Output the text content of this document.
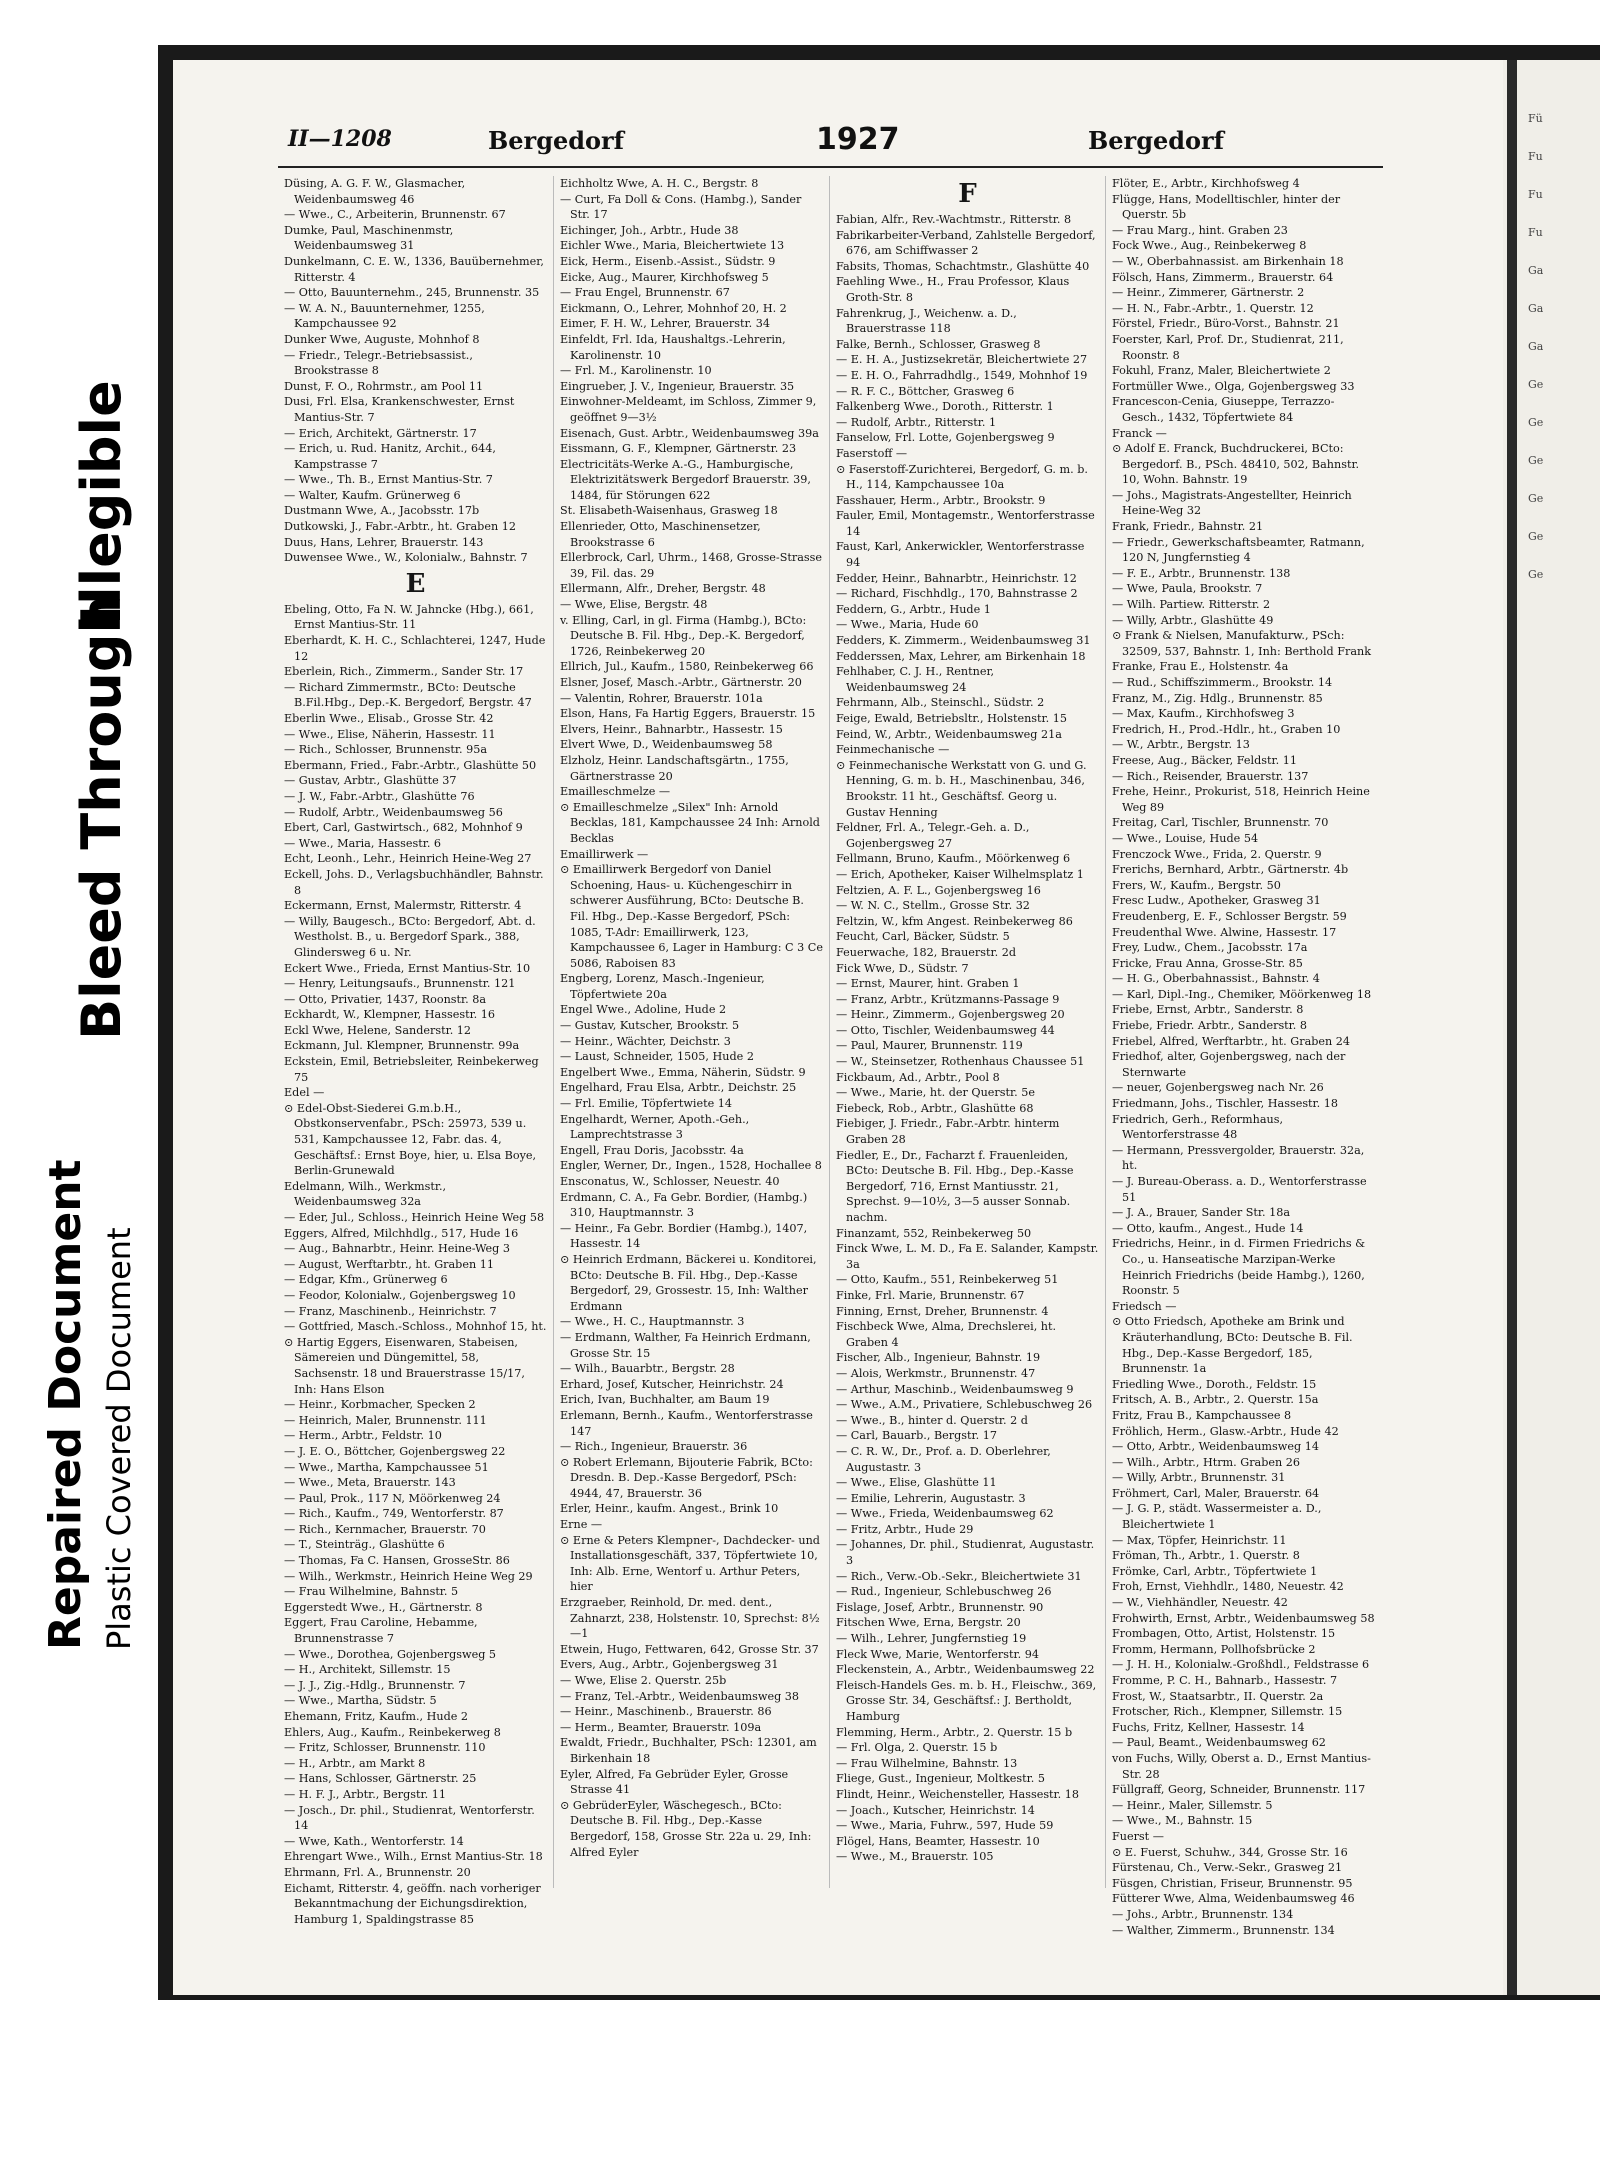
Repaired Document Plastic Covered Document
Bleed Through
Illegible
II—1208	Bergedorf	1927	Bergedorf
Düsing, A. G. F. W., Glasmacher, Weidenbaumsweg 46
— Wwe., C., Arbeiterin, Brunnenstr. 67
Dumke, Paul, Maschinenmstr, Weidenbaumsweg 31
Dunkelmann, C. E. W., 1336, Bauübernehmer, Ritterstr. 4
— Otto, Bauunternehm., 245, Brunnenstr. 35
— W. A. N., Bauunternehmer, 1255, Kampchaussee 92
Dunker Wwe, Auguste, Mohnhof 8
— Friedr., Telegr.-Betriebsassist., Brookstrasse 8
Dunst, F. O., Rohrmstr., am Pool 11
Dusi, Frl. Elsa, Krankenschwester, Ernst Mantius-Str. 7
— Erich, Architekt, Gärtnerstr. 17
— Erich, u. Rud. Hanitz, Archit., 644, Kampstrasse 7
— Wwe., Th. B., Ernst Mantius-Str. 7
— Walter, Kaufm. Grünerweg 6
Dustmann Wwe, A., Jacobsstr. 17b
Dutkowski, J., Fabr.-Arbtr., ht. Graben 12
Duus, Hans, Lehrer, Brauerstr. 143
Duwensee Wwe., W., Kolonialw., Bahnstr. 7
E
Ebeling, Otto, Fa N. W. Jahncke (Hbg.), 661, Ernst Mantius-Str. 11
Eberhardt, K. H. C., Schlachterei, 1247, Hude 12
Eberlein, Rich., Zimmerm., Sander Str. 17
— Richard Zimmermstr., BCto: Deutsche B.Fil.Hbg., Dep.-K. Bergedorf, Bergstr. 47
Eberlin Wwe., Elisab., Grosse Str. 42
— Wwe., Elise, Näherin, Hassestr. 11
— Rich., Schlosser, Brunnenstr. 95a
Ebermann, Fried., Fabr.-Arbtr., Glashütte 50
— Gustav, Arbtr., Glashütte 37
— J. W., Fabr.-Arbtr., Glashütte 76
— Rudolf, Arbtr., Weidenbaumsweg 56
Ebert, Carl, Gastwirtsch., 682, Mohnhof 9
— Wwe., Maria, Hassestr. 6
Echt, Leonh., Lehr., Heinrich Heine-Weg 27
Eckell, Johs. D., Verlagsbuchhändler, Bahnstr. 8
Eckermann, Ernst, Malermstr, Ritterstr. 4
— Willy, Baugesch., BCto: Bergedorf, Abt. d. Westholst. B., u. Bergedorf Spark., 388, Glindersweg 6 u. Nr.
Eckert Wwe., Frieda, Ernst Mantius-Str. 10
— Henry, Leitungsaufs., Brunnenstr. 121
— Otto, Privatier, 1437, Roonstr. 8a
Eckhardt, W., Klempner, Hassestr. 16
Eckl Wwe, Helene, Sanderstr. 12
Eckmann, Jul. Klempner, Brunnenstr. 99a
Eckstein, Emil, Betriebsleiter, Reinbekerweg 75
Edel —
⊙ Edel-Obst-Siederei G.m.b.H., Obstkonservenfabr., PSch: 25973, 539 u. 531, Kampchaussee 12, Fabr. das. 4, Geschäftsf.: Ernst Boye, hier, u. Elsa Boye, Berlin-Grunewald
Edelmann, Wilh., Werkmstr., Weidenbaumsweg 32a
— Eder, Jul., Schloss., Heinrich Heine Weg 58
Eggers, Alfred, Milchhdlg., 517, Hude 16
— Aug., Bahnarbtr., Heinr. Heine-Weg 3
— August, Werftarbtr., ht. Graben 11
— Edgar, Kfm., Grünerweg 6
— Feodor, Kolonialw., Gojenbergsweg 10
— Franz, Maschinenb., Heinrichstr. 7
— Gottfried, Masch.-Schloss., Mohnhof 15, ht.
⊙ Hartig Eggers, Eisenwaren, Stabeisen, Sämereien und Düngemittel, 58, Sachsenstr. 18 und Brauerstrasse 15/17, Inh: Hans Elson
— Heinr., Korbmacher, Specken 2
— Heinrich, Maler, Brunnenstr. 111
— Herm., Arbtr., Feldstr. 10
— J. E. O., Böttcher, Gojenbergsweg 22
— Wwe., Martha, Kampchaussee 51
— Wwe., Meta, Brauerstr. 143
— Paul, Prok., 117 N, Möörkenweg 24
— Rich., Kaufm., 749, Wentorferstr. 87
— Rich., Kernmacher, Brauerstr. 70
— T., Steinträg., Glashütte 6
— Thomas, Fa C. Hansen, GrosseStr. 86
— Wilh., Werkmstr., Heinrich Heine Weg 29
— Frau Wilhelmine, Bahnstr. 5
Eggerstedt Wwe., H., Gärtnerstr. 8
Eggert, Frau Caroline, Hebamme, Brunnenstrasse 7
— Wwe., Dorothea, Gojenbergsweg 5
— H., Architekt, Sillemstr. 15
— J. J., Zig.-Hdlg., Brunnenstr. 7
— Wwe., Martha, Südstr. 5
Ehemann, Fritz, Kaufm., Hude 2
Ehlers, Aug., Kaufm., Reinbekerweg 8
— Fritz, Schlosser, Brunnenstr. 110
— H., Arbtr., am Markt 8
— Hans, Schlosser, Gärtnerstr. 25
— H. F. J., Arbtr., Bergstr. 11
— Josch., Dr. phil., Studienrat, Wentorferstr. 14
— Wwe, Kath., Wentorferstr. 14
Ehrengart Wwe., Wilh., Ernst Mantius-Str. 18
Ehrmann, Frl. A., Brunnenstr. 20
Eichamt, Ritterstr. 4, geöffn. nach vorheriger Bekanntmachung der Eichungsdirektion, Hamburg 1, Spaldingstrasse 85
Eichholtz Wwe, A. H. C., Bergstr. 8
— Curt, Fa Doll & Cons. (Hambg.), Sander Str. 17
Eichinger, Joh., Arbtr., Hude 38
Eichler Wwe., Maria, Bleichertwiete 13
Eick, Herm., Eisenb.-Assist., Südstr. 9
Eicke, Aug., Maurer, Kirchhofsweg 5
— Frau Engel, Brunnenstr. 67
Eickmann, O., Lehrer, Mohnhof 20, H. 2
Eimer, F. H. W., Lehrer, Brauerstr. 34
Einfeldt, Frl. Ida, Haushaltgs.-Lehrerin, Karolinenstr. 10
— Frl. M., Karolinenstr. 10
Eingrueber, J. V., Ingenieur, Brauerstr. 35
Einwohner-Meldeamt, im Schloss, Zimmer 9, geöffnet 9—3½
Eisenach, Gust. Arbtr., Weidenbaumsweg 39a
Eissmann, G. F., Klempner, Gärtnerstr. 23
Electricitäts-Werke A.-G., Hamburgische, Elektrizitätswerk Bergedorf Brauerstr. 39, 1484, für Störungen 622
St. Elisabeth-Waisenhaus, Grasweg 18
Ellenrieder, Otto, Maschinensetzer, Brookstrasse 6
Ellerbrock, Carl, Uhrm., 1468, Grosse-Strasse 39, Fil. das. 29
Ellermann, Alfr., Dreher, Bergstr. 48
— Wwe, Elise, Bergstr. 48
v. Elling, Carl, in gl. Firma (Hambg.), BCto: Deutsche B. Fil. Hbg., Dep.-K. Bergedorf, 1726, Reinbekerweg 20
Ellrich, Jul., Kaufm., 1580, Reinbekerweg 66
Elsner, Josef, Masch.-Arbtr., Gärtnerstr. 20
— Valentin, Rohrer, Brauerstr. 101a
Elson, Hans, Fa Hartig Eggers, Brauerstr. 15
Elvers, Heinr., Bahnarbtr., Hassestr. 15
Elvert Wwe, D., Weidenbaumsweg 58
Elzholz, Heinr. Landschaftsgärtn., 1755, Gärtnerstrasse 20
Emailleschmelze —
⊙ Emailleschmelze „Silex" Inh: Arnold Becklas, 181, Kampchaussee 24 Inh: Arnold Becklas
Emaillirwerk —
⊙ Emaillirwerk Bergedorf von Daniel Schoening, Haus- u. Küchengeschirr in schwerer Ausführung, BCto: Deutsche B. Fil. Hbg., Dep.-Kasse Bergedorf, PSch: 1085, T-Adr: Emaillirwerk, 123, Kampchaussee 6, Lager in Hamburg: C 3 Ce 5086, Raboisen 83
Engberg, Lorenz, Masch.-Ingenieur, Töpfertwiete 20a
Engel Wwe., Adoline, Hude 2
— Gustav, Kutscher, Brookstr. 5
— Heinr., Wächter, Deichstr. 3
— Laust, Schneider, 1505, Hude 2
Engelbert Wwe., Emma, Näherin, Südstr. 9
Engelhard, Frau Elsa, Arbtr., Deichstr. 25
— Frl. Emilie, Töpfertwiete 14
Engelhardt, Werner, Apoth.-Geh., Lamprechtstrasse 3
Engell, Frau Doris, Jacobsstr. 4a
Engler, Werner, Dr., Ingen., 1528, Hochallee 8
Ensconatus, W., Schlosser, Neuestr. 40
Erdmann, C. A., Fa Gebr. Bordier, (Hambg.) 310, Hauptmannstr. 3
— Heinr., Fa Gebr. Bordier (Hambg.), 1407, Hassestr. 14
⊙ Heinrich Erdmann, Bäckerei u. Konditorei, BCto: Deutsche B. Fil. Hbg., Dep.-Kasse Bergedorf, 29, Grossestr. 15, Inh: Walther Erdmann
— Wwe., H. C., Hauptmannstr. 3
— Erdmann, Walther, Fa Heinrich Erdmann, Grosse Str. 15
— Wilh., Bauarbtr., Bergstr. 28
Erhard, Josef, Kutscher, Heinrichstr. 24
Erich, Ivan, Buchhalter, am Baum 19
Erlemann, Bernh., Kaufm., Wentorferstrasse 147
— Rich., Ingenieur, Brauerstr. 36
⊙ Robert Erlemann, Bijouterie Fabrik, BCto: Dresdn. B. Dep.-Kasse Bergedorf, PSch: 4944, 47, Brauerstr. 36
Erler, Heinr., kaufm. Angest., Brink 10
Erne —
⊙ Erne & Peters Klempner-, Dachdecker- und Installationsgeschäft, 337, Töpfertwiete 10, Inh: Alb. Erne, Wentorf u. Arthur Peters, hier
Erzgraeber, Reinhold, Dr. med. dent., Zahnarzt, 238, Holstenstr. 10, Sprechst: 8½—1
Etwein, Hugo, Fettwaren, 642, Grosse Str. 37
Evers, Aug., Arbtr., Gojenbergsweg 31
— Wwe, Elise 2. Querstr. 25b
— Franz, Tel.-Arbtr., Weidenbaumsweg 38
— Heinr., Maschinenb., Brauerstr. 86
— Herm., Beamter, Brauerstr. 109a
Ewaldt, Friedr., Buchhalter, PSch: 12301, am Birkenhain 18
Eyler, Alfred, Fa Gebrüder Eyler, Grosse Strasse 41
⊙ GebrüderEyler, Wäschegesch., BCto: Deutsche B. Fil. Hbg., Dep.-Kasse Bergedorf, 158, Grosse Str. 22a u. 29, Inh: Alfred Eyler
F
Fabian, Alfr., Rev.-Wachtmstr., Ritterstr. 8
Fabrikarbeiter-Verband, Zahlstelle Bergedorf, 676, am Schiffwasser 2
Fabsits, Thomas, Schachtmstr., Glashütte 40
Faehling Wwe., H., Frau Professor, Klaus Groth-Str. 8
Fahrenkrug, J., Weichenw. a. D., Brauerstrasse 118
Falke, Bernh., Schlosser, Grasweg 8
— E. H. A., Justizsekretär, Bleichertwiete 27
— E. H. O., Fahrradhdlg., 1549, Mohnhof 19
— R. F. C., Böttcher, Grasweg 6
Falkenberg Wwe., Doroth., Ritterstr. 1
— Rudolf, Arbtr., Ritterstr. 1
Fanselow, Frl. Lotte, Gojenbergsweg 9
Faserstoff —
⊙ Faserstoff-Zurichterei, Bergedorf, G. m. b. H., 114, Kampchaussee 10a
Fasshauer, Herm., Arbtr., Brookstr. 9
Fauler, Emil, Montagemstr., Wentorferstrasse 14
Faust, Karl, Ankerwickler, Wentorferstrasse 94
Fedder, Heinr., Bahnarbtr., Heinrichstr. 12
— Richard, Fischhdlg., 170, Bahnstrasse 2
Feddern, G., Arbtr., Hude 1
— Wwe., Maria, Hude 60
Fedders, K. Zimmerm., Weidenbaumsweg 31
Fedderssen, Max, Lehrer, am Birkenhain 18
Fehlhaber, C. J. H., Rentner, Weidenbaumsweg 24
Fehrmann, Alb., Steinschl., Südstr. 2
Feige, Ewald, Betriebsltr., Holstenstr. 15
Feind, W., Arbtr., Weidenbaumsweg 21a
Feinmechanische —
⊙ Feinmechanische Werkstatt von G. und G. Henning, G. m. b. H., Maschinenbau, 346, Brookstr. 11 ht., Geschäftsf. Georg u. Gustav Henning
Feldner, Frl. A., Telegr.-Geh. a. D., Gojenbergsweg 27
Fellmann, Bruno, Kaufm., Möörkenweg 6
— Erich, Apotheker, Kaiser Wilhelmsplatz 1
Feltzien, A. F. L., Gojenbergsweg 16
— W. N. C., Stellm., Grosse Str. 32
Feltzin, W., kfm Angest. Reinbekerweg 86
Feucht, Carl, Bäcker, Südstr. 5
Feuerwache, 182, Brauerstr. 2d
Fick Wwe, D., Südstr. 7
— Ernst, Maurer, hint. Graben 1
— Franz, Arbtr., Krützmanns-Passage 9
— Heinr., Zimmerm., Gojenbergsweg 20
— Otto, Tischler, Weidenbaumsweg 44
— Paul, Maurer, Brunnenstr. 119
— W., Steinsetzer, Rothenhaus Chaussee 51
Fickbaum, Ad., Arbtr., Pool 8
— Wwe., Marie, ht. der Querstr. 5e
Fiebeck, Rob., Arbtr., Glashütte 68
Fiebiger, J. Friedr., Fabr.-Arbtr. hinterm Graben 28
Fiedler, E., Dr., Facharzt f. Frauenleiden, BCto: Deutsche B. Fil. Hbg., Dep.-Kasse Bergedorf, 716, Ernst Mantiusstr. 21, Sprechst. 9—10½, 3—5 ausser Sonnab. nachm.
Finanzamt, 552, Reinbekerweg 50
Finck Wwe, L. M. D., Fa E. Salander, Kampstr. 3a
— Otto, Kaufm., 551, Reinbekerweg 51
Finke, Frl. Marie, Brunnenstr. 67
Finning, Ernst, Dreher, Brunnenstr. 4
Fischbeck Wwe, Alma, Drechslerei, ht. Graben 4
Fischer, Alb., Ingenieur, Bahnstr. 19
— Alois, Werkmstr., Brunnenstr. 47
— Arthur, Maschinb., Weidenbaumsweg 9
— Wwe., A.M., Privatiere, Schlebuschweg 26
— Wwe., B., hinter d. Querstr. 2 d
— Carl, Bauarb., Bergstr. 17
— C. R. W., Dr., Prof. a. D. Oberlehrer, Augustastr. 3
— Wwe., Elise, Glashütte 11
— Emilie, Lehrerin, Augustastr. 3
— Wwe., Frieda, Weidenbaumsweg 62
— Fritz, Arbtr., Hude 29
— Johannes, Dr. phil., Studienrat, Augustastr. 3
— Rich., Verw.-Ob.-Sekr., Bleichertwiete 31
— Rud., Ingenieur, Schlebuschweg 26
Fislage, Josef, Arbtr., Brunnenstr. 90
Fitschen Wwe, Erna, Bergstr. 20
— Wilh., Lehrer, Jungfernstieg 19
Fleck Wwe, Marie, Wentorferstr. 94
Fleckenstein, A., Arbtr., Weidenbaumsweg 22
Fleisch-Handels Ges. m. b. H., Fleischw., 369, Grosse Str. 34, Geschäftsf.: J. Bertholdt, Hamburg
Flemming, Herm., Arbtr., 2. Querstr. 15 b
— Frl. Olga, 2. Querstr. 15 b
— Frau Wilhelmine, Bahnstr. 13
Fliege, Gust., Ingenieur, Moltkestr. 5
Flindt, Heinr., Weichensteller, Hassestr. 18
— Joach., Kutscher, Heinrichstr. 14
— Wwe., Maria, Fuhrw., 597, Hude 59
Flögel, Hans, Beamter, Hassestr. 10
— Wwe., M., Brauerstr. 105
Flöter, E., Arbtr., Kirchhofsweg 4
Flügge, Hans, Modelltischler, hinter der Querstr. 5b
— Frau Marg., hint. Graben 23
Fock Wwe., Aug., Reinbekerweg 8
— W., Oberbahnassist. am Birkenhain 18
Fölsch, Hans, Zimmerm., Brauerstr. 64
— Heinr., Zimmerer, Gärtnerstr. 2
— H. N., Fabr.-Arbtr., 1. Querstr. 12
Förstel, Friedr., Büro-Vorst., Bahnstr. 21
Foerster, Karl, Prof. Dr., Studienrat, 211, Roonstr. 8
Fokuhl, Franz, Maler, Bleichertwiete 2
Fortmüller Wwe., Olga, Gojenbergsweg 33
Francescon-Cenia, Giuseppe, Terrazzo-Gesch., 1432, Töpfertwiete 84
Franck —
⊙ Adolf E. Franck, Buchdruckerei, BCto: Bergedorf. B., PSch. 48410, 502, Bahnstr. 10, Wohn. Bahnstr. 19
— Johs., Magistrats-Angestellter, Heinrich Heine-Weg 32
Frank, Friedr., Bahnstr. 21
— Friedr., Gewerkschaftsbeamter, Ratmann, 120 N, Jungfernstieg 4
— F. E., Arbtr., Brunnenstr. 138
— Wwe, Paula, Brookstr. 7
— Wilh. Partiew. Ritterstr. 2
— Willy, Arbtr., Glashütte 49
⊙ Frank & Nielsen, Manufakturw., PSch: 32509, 537, Bahnstr. 1, Inh: Berthold Frank
Franke, Frau E., Holstenstr. 4a
— Rud., Schiffszimmerm., Brookstr. 14
Franz, M., Zig. Hdlg., Brunnenstr. 85
— Max, Kaufm., Kirchhofsweg 3
Fredrich, H., Prod.-Hdlr., ht., Graben 10
— W., Arbtr., Bergstr. 13
Freese, Aug., Bäcker, Feldstr. 11
— Rich., Reisender, Brauerstr. 137
Frehe, Heinr., Prokurist, 518, Heinrich Heine Weg 89
Freitag, Carl, Tischler, Brunnenstr. 70
— Wwe., Louise, Hude 54
Frenczock Wwe., Frida, 2. Querstr. 9
Frerichs, Bernhard, Arbtr., Gärtnerstr. 4b
Frers, W., Kaufm., Bergstr. 50
Fresc Ludw., Apotheker, Grasweg 31
Freudenberg, E. F., Schlosser Bergstr. 59
Freudenthal Wwe. Alwine, Hassestr. 17
Frey, Ludw., Chem., Jacobsstr. 17a
Fricke, Frau Anna, Grosse-Str. 85
— H. G., Oberbahnassist., Bahnstr. 4
— Karl, Dipl.-Ing., Chemiker, Möörkenweg 18
Friebe, Ernst, Arbtr., Sanderstr. 8
Friebe, Friedr. Arbtr., Sanderstr. 8
Friebel, Alfred, Werftarbtr., ht. Graben 24
Friedhof, alter, Gojenbergsweg, nach der Sternwarte
— neuer, Gojenbergsweg nach Nr. 26
Friedmann, Johs., Tischler, Hassestr. 18
Friedrich, Gerh., Reformhaus, Wentorferstrasse 48
— Hermann, Pressvergolder, Brauerstr. 32a, ht.
— J. Bureau-Oberass. a. D., Wentorferstrasse 51
— J. A., Brauer, Sander Str. 18a
— Otto, kaufm., Angest., Hude 14
Friedrichs, Heinr., in d. Firmen Friedrichs & Co., u. Hanseatische Marzipan-Werke Heinrich Friedrichs (beide Hambg.), 1260, Roonstr. 5
Friedsch —
⊙ Otto Friedsch, Apotheke am Brink und Kräuterhandlung, BCto: Deutsche B. Fil. Hbg., Dep.-Kasse Bergedorf, 185, Brunnenstr. 1a
Friedling Wwe., Doroth., Feldstr. 15
Fritsch, A. B., Arbtr., 2. Querstr. 15a
Fritz, Frau B., Kampchaussee 8
Fröhlich, Herm., Glasw.-Arbtr., Hude 42
— Otto, Arbtr., Weidenbaumsweg 14
— Wilh., Arbtr., Htrm. Graben 26
— Willy, Arbtr., Brunnenstr. 31
Fröhmert, Carl, Maler, Brauerstr. 64
— J. G. P., städt. Wassermeister a. D., Bleichertwiete 1
— Max, Töpfer, Heinrichstr. 11
Fröman, Th., Arbtr., 1. Querstr. 8
Frömke, Carl, Arbtr., Töpfertwiete 1
Froh, Ernst, Viehhdlr., 1480, Neuestr. 42
— W., Viehhändler, Neuestr. 42
Frohwirth, Ernst, Arbtr., Weidenbaumsweg 58
Frombagen, Otto, Artist, Holstenstr. 15
Fromm, Hermann, Pollhofsbrücke 2
— J. H. H., Kolonialw.-Großhdl., Feldstrasse 6
Fromme, P. C. H., Bahnarb., Hassestr. 7
Frost, W., Staatsarbtr., II. Querstr. 2a
Frotscher, Rich., Klempner, Sillemstr. 15
Fuchs, Fritz, Kellner, Hassestr. 14
— Paul, Beamt., Weidenbaumsweg 62
von Fuchs, Willy, Oberst a. D., Ernst Mantius-Str. 28
Füllgraff, Georg, Schneider, Brunnenstr. 117
— Heinr., Maler, Sillemstr. 5
— Wwe., M., Bahnstr. 15
Fuerst —
⊙ E. Fuerst, Schuhw., 344, Grosse Str. 16
Fürstenau, Ch., Verw.-Sekr., Grasweg 21
Füsgen, Christian, Friseur, Brunnenstr. 95
Fütterer Wwe, Alma, Weidenbaumsweg 46
— Johs., Arbtr., Brunnenstr. 134
— Walther, Zimmerm., Brunnenstr. 134
Fü
Fu
Fu
Fu
Ga
Ga
Ga
Ge
Ge
Ge
Ge
Ge
Ge
